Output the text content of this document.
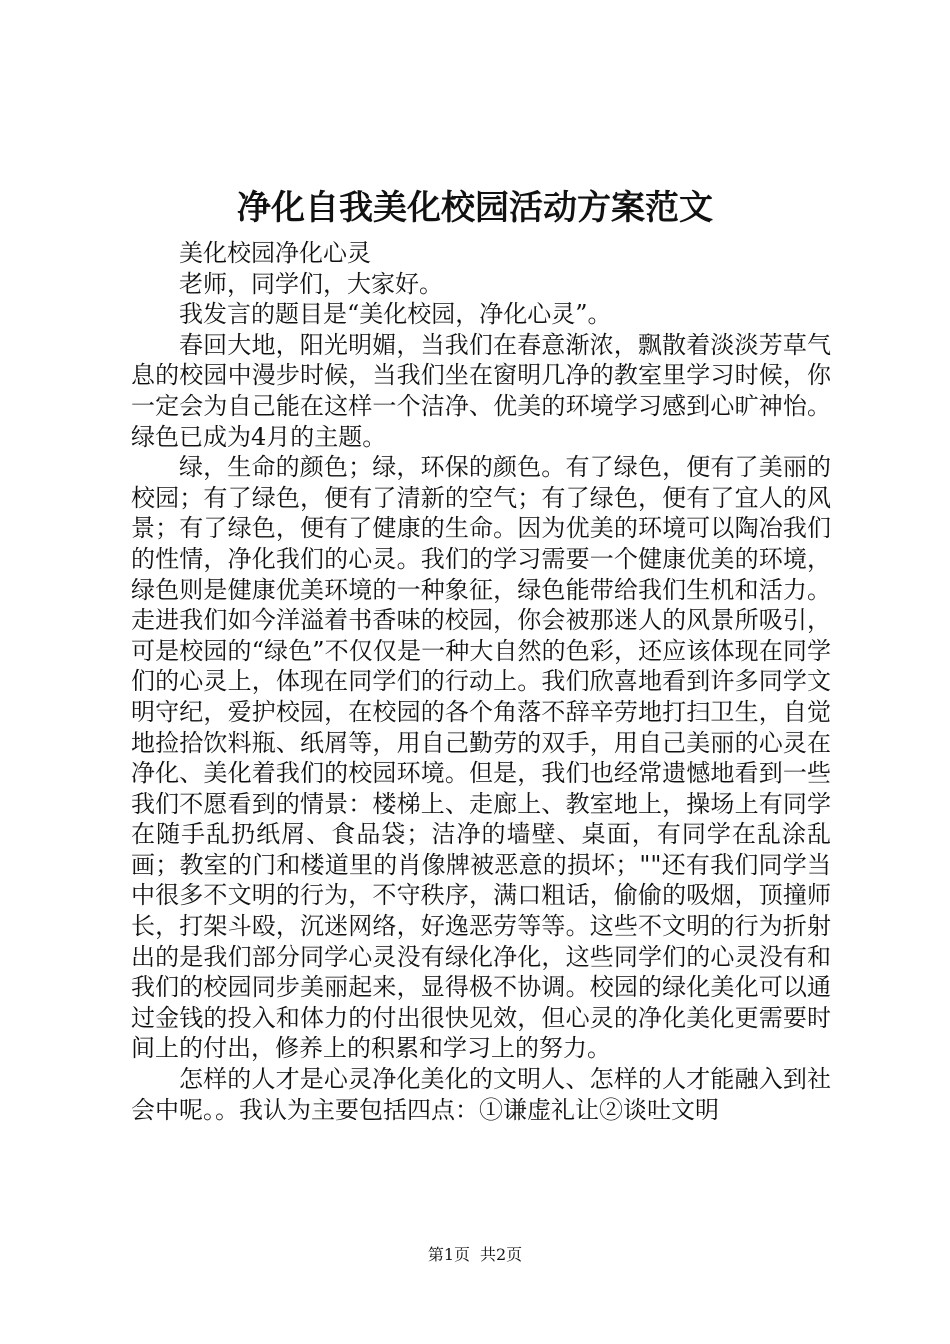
净化自我美化校园活动方案范文

美化校园净化心灵

老师，同学们，大家好。

我发言的题目是“美化校园，净化心灵”。

春回大地，阳光明媚，当我们在春意渐浓，飘散着淡淡芳草气息的校园中漫步时候，当我们坐在窗明几净的教室里学习时候，你一定会为自己能在这样一个洁净、优美的环境学习感到心旷神怡。绿色已成为4月的主题。

绿，生命的颜色；绿，环保的颜色。有了绿色，便有了美丽的校园；有了绿色，便有了清新的空气；有了绿色，便有了宜人的风景；有了绿色，便有了健康的生命。因为优美的环境可以陶冶我们的性情，净化我们的心灵。我们的学习需要一个健康优美的环境，绿色则是健康优美环境的一种象征，绿色能带给我们生机和活力。走进我们如今洋溢着书香味的校园，你会被那迷人的风景所吸引，可是校园的“绿色”不仅仅是一种大自然的色彩，还应该体现在同学们的心灵上，体现在同学们的行动上。我们欣喜地看到许多同学文明守纪，爱护校园，在校园的各个角落不辞辛劳地打扫卫生，自觉地捡拾饮料瓶、纸屑等，用自己勤劳的双手，用自己美丽的心灵在净化、美化着我们的校园环境。但是，我们也经常遗憾地看到一些我们不愿看到的情景：楼梯上、走廊上、教室地上，操场上有同学在随手乱扔纸屑、食品袋；洁净的墙壁、桌面，有同学在乱涂乱画；教室的门和楼道里的肖像牌被恶意的损坏；""还有我们同学当中很多不文明的行为，不守秩序，满口粗话，偷偷的吸烟，顶撞师长，打架斗殴，沉迷网络，好逸恶劳等等。这些不文明的行为折射出的是我们部分同学心灵没有绿化净化，这些同学们的心灵没有和我们的校园同步美丽起来，显得极不协调。校园的绿化美化可以通过金钱的投入和体力的付出很快见效，但心灵的净化美化更需要时间上的付出，修养上的积累和学习上的努力。

怎样的人才是心灵净化美化的文明人、怎样的人才能融入到社会中呢。。我认为主要包括四点：①谦虚礼让②谈吐文明

第1页 共2页
